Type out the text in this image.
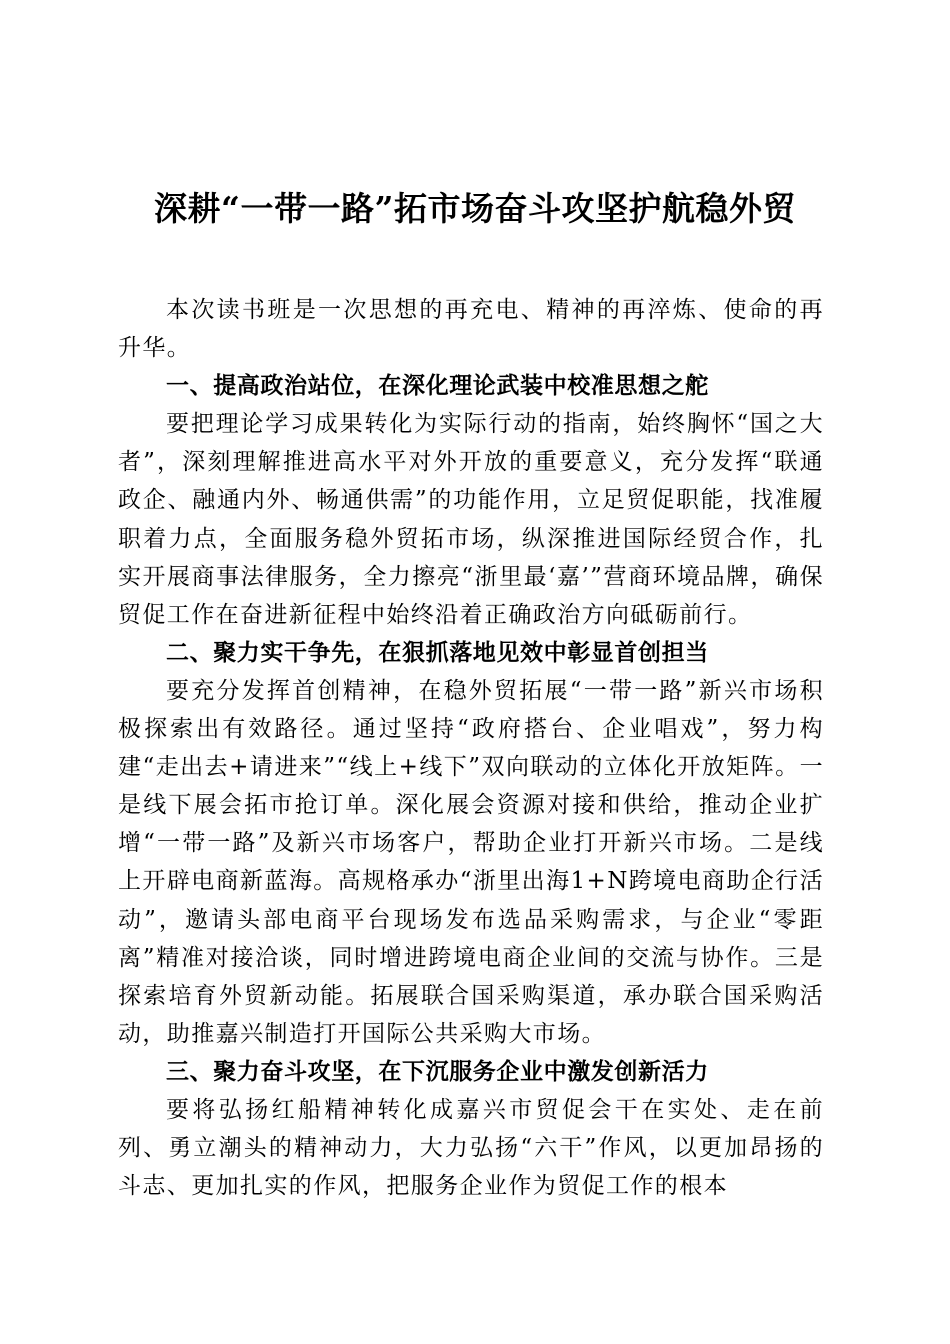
深耕“一带一路”拓市场奋斗攻坚护航稳外贸

本次读书班是一次思想的再充电、精神的再淬炼、使命的再升华。

一、提高政治站位，在深化理论武装中校准思想之舵

要把理论学习成果转化为实际行动的指南，始终胸怀“国之大者”，深刻理解推进高水平对外开放的重要意义，充分发挥“联通政企、融通内外、畅通供需”的功能作用，立足贸促职能，找准履职着力点，全面服务稳外贸拓市场，纵深推进国际经贸合作，扎实开展商事法律服务，全力擦亮“浙里最‘嘉’”营商环境品牌，确保贸促工作在奋进新征程中始终沿着正确政治方向砥砺前行。

二、聚力实干争先，在狠抓落地见效中彰显首创担当

要充分发挥首创精神，在稳外贸拓展“一带一路”新兴市场积极探索出有效路径。通过坚持“政府搭台、企业唱戏”，努力构建“走出去+请进来”“线上+线下”双向联动的立体化开放矩阵。一是线下展会拓市抢订单。深化展会资源对接和供给，推动企业扩增“一带一路”及新兴市场客户，帮助企业打开新兴市场。二是线上开辟电商新蓝海。高规格承办“浙里出海1+N跨境电商助企行活动”，邀请头部电商平台现场发布选品采购需求，与企业“零距离”精准对接洽谈，同时增进跨境电商企业间的交流与协作。三是探索培育外贸新动能。拓展联合国采购渠道，承办联合国采购活动，助推嘉兴制造打开国际公共采购大市场。

三、聚力奋斗攻坚，在下沉服务企业中激发创新活力

要将弘扬红船精神转化成嘉兴市贸促会干在实处、走在前列、勇立潮头的精神动力，大力弘扬“六干”作风，以更加昂扬的斗志、更加扎实的作风，把服务企业作为贸促工作的根本
